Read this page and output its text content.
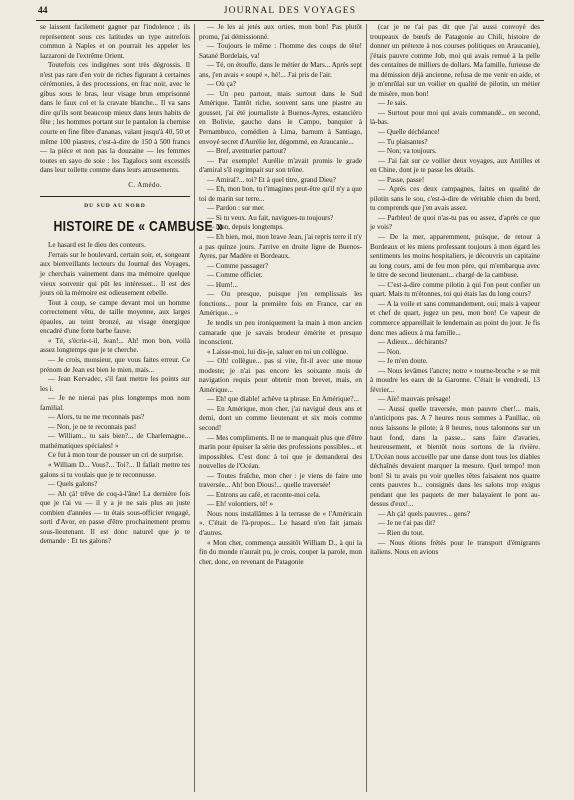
44	JOURNAL DES VOYAGES

se laissent facilement gagner par l'indolence ; ils représentent sous ces latitudes un type autrefois commun à Naples et on pourrait les appeler les lazzaroni de l'extrême Orient.

Toutefois ces indigènes sont très dégrossis. Il n'est pas rare d'en voir de riches figurant à certaines cérémonies, à des processions, en frac noir, avec le gibus sous le bras, leur visage brun emprisonné dans le faux col et la cravate blanche... Il va sans dire qu'ils sont beaucoup mieux dans leurs habits de fête ; les hommes portant sur le pantalon la chemise courte en fine fibre d'ananas, valant jusqu'à 40, 50 et même 100 piastres, c'est-à-dire de 150 à 500 francs — la pièce et non pas la douzaine — les femmes toutes en sayo de soie : les Tagalocs sont excessifs dans leur toilette comme dans leurs amusements.

C. Amédo.
DU SUD AU NORD
HISTOIRE DE « CAMBUSE »

Le hasard est le dieu des conteurs.

J'errais sur le boulevard, certain soir, et, songeant aux bienveillants lecteurs du Journal des Voyages, je cherchais vainement dans ma mémoire quelque vieux souvenir qui pût les intéresser... Il est des jours où la mémoire est odieusement rebelle.

Tout à coup, se campe devant moi un homme correctement vêtu, de taille moyenne, aux larges épaules, au teint bronzé, au visage énergique encadré d'une forte barbe fauve.

« Té, s'écrie-t-il, Jean!... Ah! mon bon, voilà assez longtemps que je te cherche.

— Je crois, monsieur, que vous faites erreur. Ce prénom de Jean est bien le mien, mais...

— Jean Kervadec, s'il faut mettre les points sur les i.

— Je ne nierai pas plus longtemps mon nom familial.

— Alors, tu ne me reconnais pas?

— Non, je ne te reconnais pas!

— William... tu sais bien?... de Charlemagne... mathématiques spéciales! »

Ce fut à mon tour de pousser un cri de surprise.

« William D... Vous?... Toi?... Il fallait mettre tes galons si tu voulais que je te reconnusse.

— Quels galons?

— Ah çà! trêve de coq-à-l'âne! La dernière fois que je t'ai vu — il y a je ne sais plus au juste combien d'années — tu étais sous-officier rengagé, sorti d'Avor, en passe d'être prochainement promu sous-lieutenant. Il est donc naturel que je te demande : Et tes galons?

— Je les ai jetés aux orties, mon bon! Pas plutôt promu, j'ai démissionné.

— Toujours le même : l'homme des coups de tête! Satané Bordelais, va!

— Té, on étouffe, dans le métier de Mars... Après sept ans, j'en avais « soupé », hé!... J'ai pris de l'air.

— Où ça?

— Un peu partout, mais surtout dans le Sud Amérique. Tantôt riche, souvent sans une piastre au gousset, j'ai été journaliste à Buenos-Ayres, estancièro en Bolivie, gaucho dans le Campo, banquier à Pernambuco, comédien à Lima, barnum à Santiago, envoyé secret d'Aurélie Ier, dégommé, en Araucanie...

— Bref, aventurier partout?

— Par exemple! Aurélie m'avait promis le grade d'amiral s'il regrimpait sur son trône.

— Amiral?... toi? Et à quel titre, grand Dieu?

— Eh, mon bon, tu t'imagines peut-être qu'il n'y a que toi de marin sur terre...

— Pardon : sur mer.

— Si tu veux. Au fait, navigues-tu toujours?

— Non, depuis longtemps.

— Eh bien, moi, mon brave Jean, j'ai repris terre il n'y a pas quinze jours. J'arrive en droite ligne de Buenos-Ayres, par Madère et Bordeaux.

— Comme passager?

— Comme officier.

— Hum!...

— Ou presque, puisque j'en remplissais les fonctions... pour la première fois en France, car en Amérique... »

Je tendis un peu ironiquement la main à mon ancien camarade que je savais brodeur émérite et presque inconscient.

« Laisse-moi, lui dis-je, saluer en toi un collègue.

— Oh! collègue... pas si vite, fit-il avec une moue modeste; je n'ai pas encore les soixante mois de navigation requis pour obtenir mon brevet, mais, en Amérique...

— Eh! que diable! achève ta phrase. En Amérique?...

— En Amérique, mon cher, j'ai navigué deux ans et demi, dont un comme lieutenant et six mois comme second!

— Mes compliments. Il ne te manquait plus que d'être marin pour épuiser la série des professions possibles... et impossibles. C'est donc à toi que je demanderai des nouvelles de l'Océan.

— Toutes fraîche, mon cher : je viens de faire une traversée... Ah! bon Dious!... quelle traversée!

— Entrons au café, et raconte-moi cela.

— Eh! volontiers, té! »

Nous nous installâmes à la terrasse de « l'Américain ». C'était de l'à-propos... Le hasard n'en fait jamais d'autres.

« Mon cher, commença aussitôt William D., à qui la fin du monde n'aurait pu, je crois, couper la parole, mon cher, donc, en revenant de Patagonie

(car je ne t'ai pas dit que j'ai aussi convoyé des troupeaux de bœufs de Patagonie au Chili, histoire de donner un prétexte à nos courses politiques en Araucanie), j'étais pauvre comme Job, moi qui avais remué à la pelle des centaines de milliers de dollars. Ma famille, furieuse de ma démission déjà ancienne, refusa de me venir en aide, et je m'enrôlai sur un voilier en qualité de pilotin, un métier de misère, mon bon!

— Je sais.

— Surtout pour moi qui avais commandé... en second, là-bas.

— Quelle déchéance!

— Tu plaisantes?

— Non; va toujours.

— J'ai fait sur ce voilier deux voyages, aux Antilles et en Chine, dont je te passe les détails.

— Passe, passe!

— Après ces deux campagnes, faites en qualité de pilotin sans le sou, c'est-à-dire de véritable chien du bord, tu comprends que j'en avais assez.

— Parbleu! de quoi n'as-tu pas eu assez, d'après ce que je vois?

— De la mer, apparemment, puisque, de retour à Bordeaux et les miens professant toujours à mon égard les sentiments les moins hospitaliers, je découvris un capitaine au long cours, ami de feu mon père, qui m'embarqua avec le titre de second lieutenant... chargé de la cambuse.

— C'est-à-dire comme pilotin à qui l'on peut confier un quart. Mais tu m'étonnes, toi qui étais las du long cours?

— A la voile et sans commandement, oui; mais à vapeur et chef de quart, jugez un peu, mon bon! Ce vapeur de commerce appareillait le lendemain au point du jour. Je fis donc mes adieux à ma famille...

— Adieux... déchirants?

— Non.

— Je m'en doute.

— Nous levâmes l'ancre; notre « tourne-broche » se mit à moudre les eaux de la Garonne. C'était le vendredi, 13 février...

— Aïe! mauvais présage!

— Aussi quelle traversée, mon pauvre cher!... mais, n'anticipons pas. A 7 heures nous sommes à Pauillac, où nous laissons le pilote; à 8 heures, nous talonnons sur un haut fond, dans la passe... sans faire d'avaries, heureusement, et bientôt nous sortons de la rivière. L'Océan nous accueille par une danse dont tous les diables déchaînés devaient marquer la mesure. Quel tempo! mon bon! Si tu avais pu voir quelles têtes faisaient nos quatre cents pauvres b... consignés dans les salons trop exigus pendant que les paquets de mer balayaient le pont au-dessus d'eux!...

— Ah çà! quels pauvres... gens?

— Je ne t'ai pas dit?

— Rien du tout.

— Nous étions frétés pour le transport d'émigrants italiens. Nous en avions
